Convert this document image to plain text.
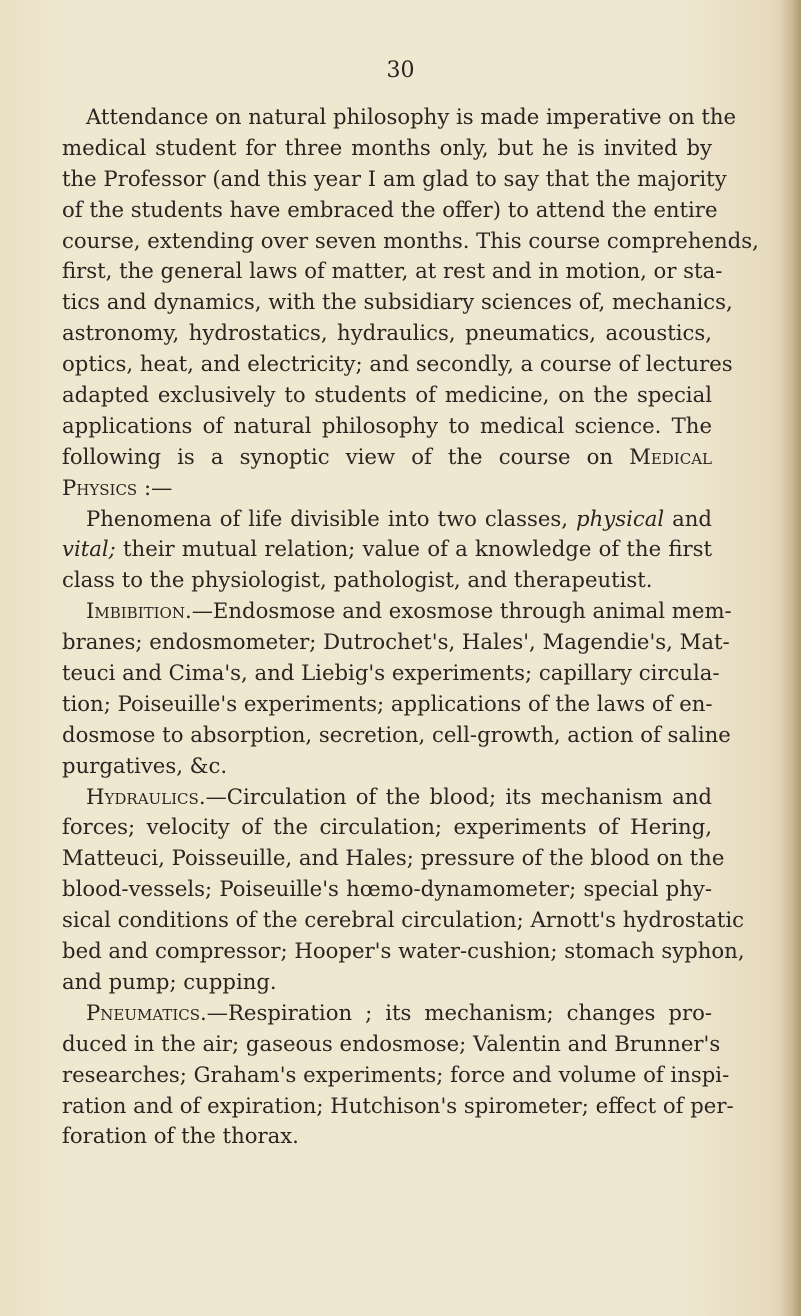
30
Attendance on natural philosophy is made imperative on the
medical student for three months only, but he is invited by
the Professor (and this year I am glad to say that the majority
of the students have embraced the offer) to attend the entire
course, extending over seven months. This course comprehends,
first, the general laws of matter, at rest and in motion, or sta-
tics and dynamics, with the subsidiary sciences of, mechanics,
astronomy, hydrostatics, hydraulics, pneumatics, acoustics,
optics, heat, and electricity; and secondly, a course of lectures
adapted exclusively to students of medicine, on the special
applications of natural philosophy to medical science. The
following is a synoptic view of the course on Medical
Physics :—
Phenomena of life divisible into two classes, physical and
vital; their mutual relation; value of a knowledge of the first
class to the physiologist, pathologist, and therapeutist.
Imbibition.—Endosmose and exosmose through animal mem-
branes; endosmometer; Dutrochet's, Hales', Magendie's, Mat-
teuci and Cima's, and Liebig's experiments; capillary circula-
tion; Poiseuille's experiments; applications of the laws of en-
dosmose to absorption, secretion, cell-growth, action of saline
purgatives, &c.
Hydraulics.—Circulation of the blood; its mechanism and
forces; velocity of the circulation; experiments of Hering,
Matteuci, Poisseuille, and Hales; pressure of the blood on the
blood-vessels; Poiseuille's hœmo-dynamometer; special phy-
sical conditions of the cerebral circulation; Arnott's hydrostatic
bed and compressor; Hooper's water-cushion; stomach syphon,
and pump; cupping.
Pneumatics.—Respiration ; its mechanism; changes pro-
duced in the air; gaseous endosmose; Valentin and Brunner's
researches; Graham's experiments; force and volume of inspi-
ration and of expiration; Hutchison's spirometer; effect of per-
foration of the thorax.
